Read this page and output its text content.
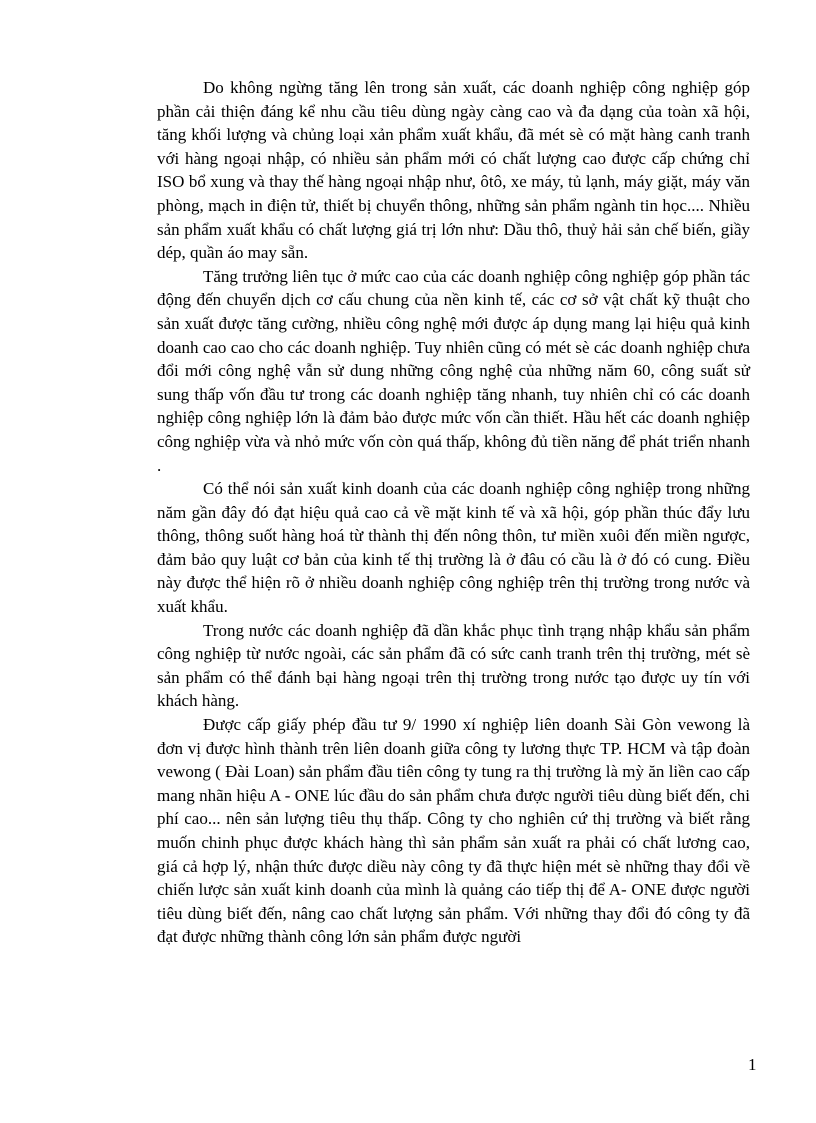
Do không ngừng tăng lên trong sản xuất, các doanh nghiệp công nghiệp góp phần cải thiện đáng kể nhu cầu tiêu dùng ngày càng cao và đa dạng của toàn xã hội, tăng khối lượng và chủng loại xản phẩm xuất khẩu, đã mét sè có mặt hàng canh tranh với hàng ngoại nhập, có nhiều sản phẩm mới có chất lượng cao được cấp chứng chỉ ISO bổ xung và thay thế hàng ngoại nhập như, ôtô, xe máy, tủ lạnh, máy giặt, máy văn phòng, mạch in điện tử, thiết bị chuyển thông, những sản phẩm ngành tin học.... Nhiều sản phẩm xuất khẩu có chất lượng giá trị lớn như: Dầu thô, thuỷ hải sản chế biến, giầy dép, quần áo may sẵn.

Tăng trưởng liên tục ở mức cao của các doanh nghiệp công nghiệp góp phần tác động đến chuyển dịch cơ cấu chung của nền kinh tế, các cơ sở vật chất kỹ thuật cho sản xuất được tăng cường, nhiều công nghệ mới được áp dụng mang lại hiệu quả kinh doanh cao cao cho các doanh nghiệp. Tuy nhiên cũng có mét sè các doanh nghiệp chưa đổi mới công nghệ vẫn sử dung những công nghệ của những năm 60, công suất sử sung thấp vốn đầu tư trong các doanh nghiệp tăng nhanh, tuy nhiên chỉ có các doanh nghiệp công nghiệp lớn là đảm bảo được mức vốn cần thiết. Hầu hết các doanh nghiệp công nghiệp vừa và nhỏ mức vốn còn quá thấp, không đủ tiền năng để phát triển nhanh .

Có thể nói sản xuất kinh doanh của các doanh nghiệp công nghiệp trong những năm gần đây đó đạt hiệu quả cao cả về mặt kinh tế và xã hội, góp phần thúc đẩy lưu thông, thông suốt hàng hoá từ thành thị đến nông thôn, tư miền xuôi đến miền ngược, đảm bảo quy luật cơ bản của kinh tế thị trường là ở đâu có cầu là ở đó có cung. Điều này được thể hiện rõ ở nhiều doanh nghiệp công nghiệp trên thị trường trong nước và xuất khẩu.

Trong nước các doanh nghiệp đã dần khắc phục tình trạng nhập khẩu sản phẩm công nghiệp từ nước ngoài, các sản phẩm đã có sức canh tranh trên thị trường, mét sè sản phẩm có thể đánh bại hàng ngoại trên thị trường trong nước tạo được uy tín với khách hàng.

Được cấp giấy phép đầu tư 9/ 1990 xí nghiệp liên doanh Sài Gòn vewong là đơn vị được hình thành trên liên doanh giữa công ty lương thực TP. HCM và tập đoàn vewong ( Đài Loan) sản phẩm đầu tiên công ty tung ra thị trường là mỳ ăn liền cao cấp mang nhãn hiệu A - ONE lúc đầu do sản phẩm chưa được người tiêu dùng biết đến, chi phí cao... nên sản lượng tiêu thụ thấp. Công ty cho nghiên cứ thị trường và biết rằng muốn chinh phục được khách hàng thì sản phẩm sản xuất ra phải có chất lương cao, giá cả hợp lý, nhận thức được diều này công ty đã thực hiện mét sè những thay đổi về chiến lược sản xuất kinh doanh của mình là quảng cáo tiếp thị để A- ONE được người tiêu dùng biết đến, nâng cao chất lượng sản phẩm. Với những thay đổi đó công ty đã đạt được những thành công lớn sản phẩm được người

1
